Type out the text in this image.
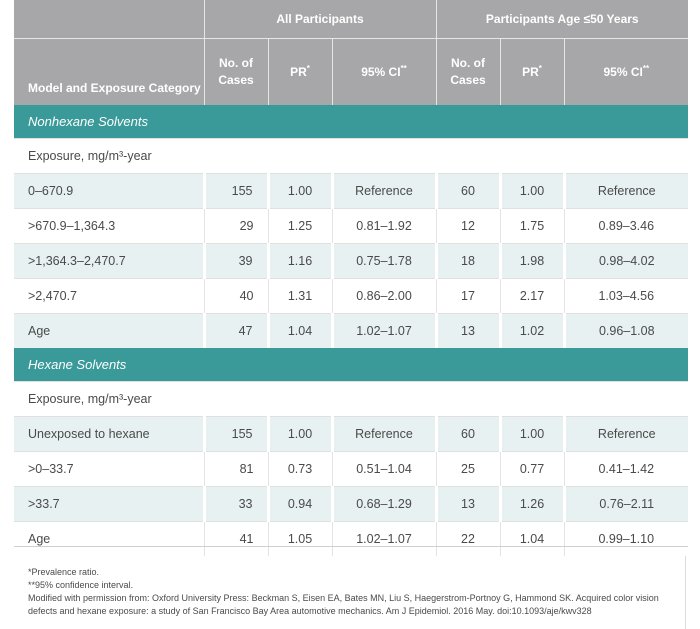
	All Participants			Participants Age ≤50 Years		
Model and Exposure Category	No. of Cases	PR*	95% CI**	No. of Cases	PR*	95% CI**
Nonhexane Solvents						
Exposure, mg/m³-year						
0–670.9	155	1.00	Reference	60	1.00	Reference
>670.9–1,364.3	29	1.25	0.81–1.92	12	1.75	0.89–3.46
>1,364.3–2,470.7	39	1.16	0.75–1.78	18	1.98	0.98–4.02
>2,470.7	40	1.31	0.86–2.00	17	2.17	1.03–4.56
Age	47	1.04	1.02–1.07	13	1.02	0.96–1.08
Hexane Solvents						
Exposure, mg/m³-year						
Unexposed to hexane	155	1.00	Reference	60	1.00	Reference
>0–33.7	81	0.73	0.51–1.04	25	0.77	0.41–1.42
>33.7	33	0.94	0.68–1.29	13	1.26	0.76–2.11
Age	41	1.05	1.02–1.07	22	1.04	0.99–1.10
*Prevalence ratio.
**95% confidence interval.
Modified with permission from: Oxford University Press: Beckman S, Eisen EA, Bates MN, Liu S, Haegerstrom-Portnoy G, Hammond SK. Acquired color vision defects and hexane exposure: a study of San Francisco Bay Area automotive mechanics. Am J Epidemiol. 2016 May. doi:10.1093/aje/kwv328
